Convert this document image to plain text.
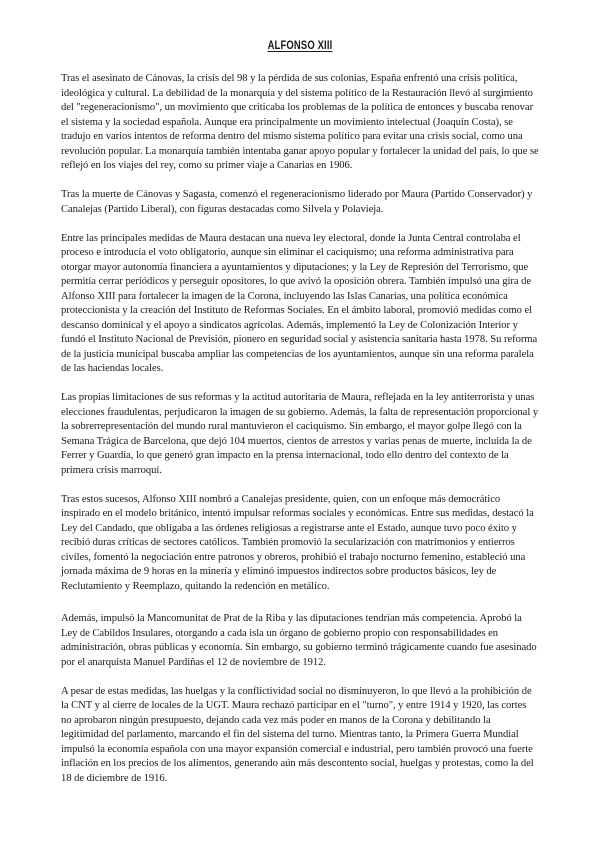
ALFONSO XIII

Tras el asesinato de Cánovas, la crisis del 98 y la pérdida de sus colonias, España enfrentó una crisis política, ideológica y cultural. La debilidad de la monarquía y del sistema político de la Restauración llevó al surgimiento del "regeneracionismo", un movimiento que criticaba los problemas de la política de entonces y buscaba renovar el sistema y la sociedad española. Aunque era principalmente un movimiento intelectual (Joaquín Costa), se tradujo en varios intentos de reforma dentro del mismo sistema político para evitar una crisis social, como una revolución popular. La monarquía también intentaba ganar apoyo popular y fortalecer la unidad del país, lo que se reflejó en los viajes del rey, como su primer viaje a Canarias en 1906.

Tras la muerte de Cánovas y Sagasta, comenzó el regeneracionismo liderado por Maura (Partido Conservador) y Canalejas (Partido Liberal), con figuras destacadas como Silvela y Polavieja.

Entre las principales medidas de Maura destacan una nueva ley electoral, donde la Junta Central controlaba el proceso e introducía el voto obligatorio, aunque sin eliminar el caciquismo; una reforma administrativa para otorgar mayor autonomía financiera a ayuntamientos y diputaciones; y la Ley de Represión del Terrorismo, que permitía cerrar periódicos y perseguir opositores, lo que avivó la oposición obrera. También impulsó una gira de Alfonso XIII para fortalecer la imagen de la Corona, incluyendo las Islas Canarias, una política económica proteccionista y la creación del Instituto de Reformas Sociales. En el ámbito laboral, promovió medidas como el descanso dominical y el apoyo a sindicatos agrícolas. Además, implementó la Ley de Colonización Interior y fundó el Instituto Nacional de Previsión, pionero en seguridad social y asistencia sanitaria hasta 1978. Su reforma de la justicia municipal buscaba ampliar las competencias de los ayuntamientos, aunque sin una reforma paralela de las haciendas locales.

Las propias limitaciones de sus reformas y la actitud autoritaria de Maura, reflejada en la ley antiterrorista y unas elecciones fraudulentas, perjudicaron la imagen de su gobierno. Además, la falta de representación proporcional y la sobrerrepresentación del mundo rural mantuvieron el caciquismo. Sin embargo, el mayor golpe llegó con la Semana Trágica de Barcelona, que dejó 104 muertos, cientos de arrestos y varias penas de muerte, incluida la de Ferrer y Guardia, lo que generó gran impacto en la prensa internacional, todo ello dentro del contexto de la primera crisis marroquí.

Tras estos sucesos, Alfonso XIII nombró a Canalejas presidente, quien, con un enfoque más democrático inspirado en el modelo británico, intentó impulsar reformas sociales y económicas. Entre sus medidas, destacó la Ley del Candado, que obligaba a las órdenes religiosas a registrarse ante el Estado, aunque tuvo poco éxito y recibió duras críticas de sectores católicos. También promovió la secularización con matrimonios y entierros civiles, fomentó la negociación entre patronos y obreros, prohibió el trabajo nocturno femenino, estableció una jornada máxima de 9 horas en la minería y eliminó impuestos indirectos sobre productos básicos, ley de Reclutamiento y Reemplazo, quitando la redención en metálico.

Además, impulsó la Mancomunitat de Prat de la Riba y las diputaciones tendrían más competencia. Aprobó la Ley de Cabildos Insulares, otorgando a cada isla un órgano de gobierno propio con responsabilidades en administración, obras públicas y economía. Sin embargo, su gobierno terminó trágicamente cuando fue asesinado por el anarquista Manuel Pardiñas el 12 de noviembre de 1912.

A pesar de estas medidas, las huelgas y la conflictividad social no disminuyeron, lo que llevó a la prohibición de la CNT y al cierre de locales de la UGT. Maura rechazó participar en el "turno", y entre 1914 y 1920, las cortes no aprobaron ningún presupuesto, dejando cada vez más poder en manos de la Corona y debilitando la legitimidad del parlamento, marcando el fin del sistema del turno. Mientras tanto, la Primera Guerra Mundial impulsó la economía española con una mayor expansión comercial e industrial, pero también provocó una fuerte inflación en los precios de los alimentos, generando aún más descontento social, huelgas y protestas, como la del 18 de diciembre de 1916.
